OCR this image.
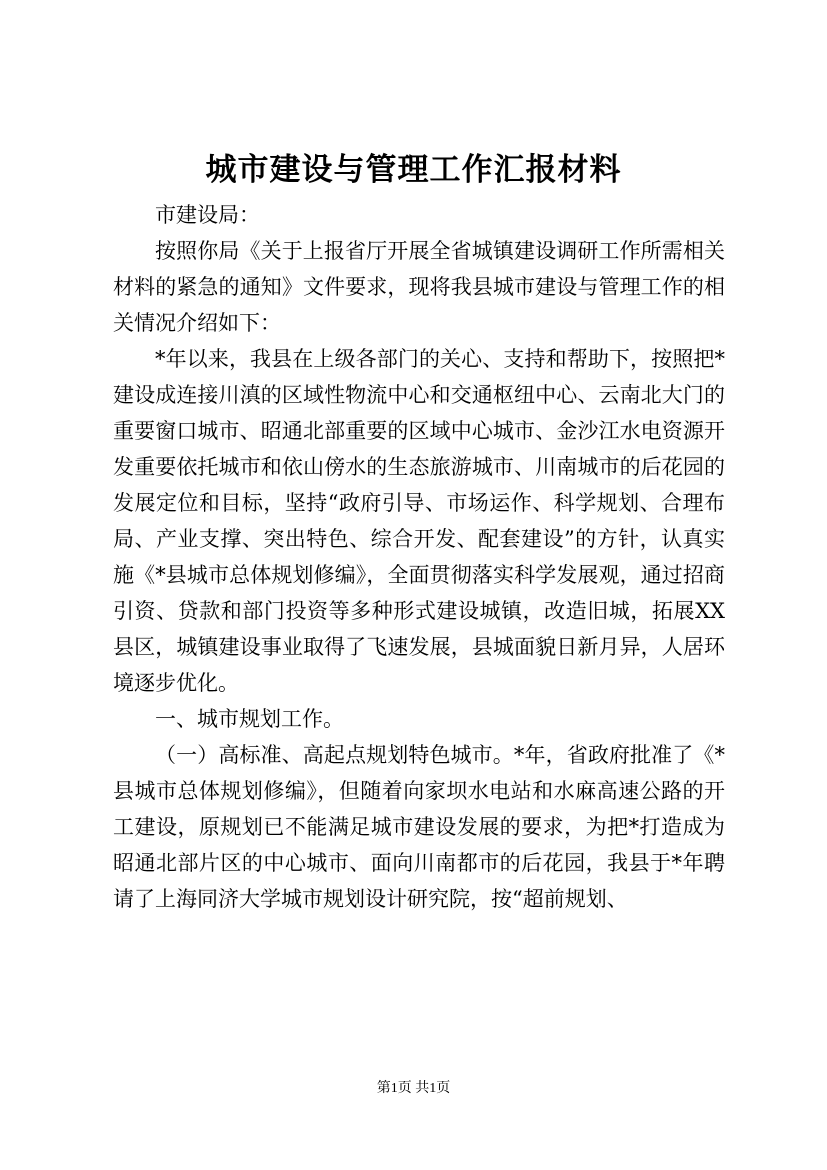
城市建设与管理工作汇报材料

市建设局：

按照你局《关于上报省厅开展全省城镇建设调研工作所需相关材料的紧急的通知》文件要求，现将我县城市建设与管理工作的相关情况介绍如下：

*年以来，我县在上级各部门的关心、支持和帮助下，按照把*建设成连接川滇的区域性物流中心和交通枢纽中心、云南北大门的重要窗口城市、昭通北部重要的区域中心城市、金沙江水电资源开发重要依托城市和依山傍水的生态旅游城市、川南城市的后花园的发展定位和目标，坚持“政府引导、市场运作、科学规划、合理布局、产业支撑、突出特色、综合开发、配套建设”的方针，认真实施《*县城市总体规划修编》，全面贯彻落实科学发展观，通过招商引资、贷款和部门投资等多种形式建设城镇，改造旧城，拓展XX县区，城镇建设事业取得了飞速发展，县城面貌日新月异，人居环境逐步优化。

一、城市规划工作。

（一）高标准、高起点规划特色城市。*年，省政府批准了《*县城市总体规划修编》，但随着向家坝水电站和水麻高速公路的开工建设，原规划已不能满足城市建设发展的要求，为把*打造成为昭通北部片区的中心城市、面向川南都市的后花园，我县于*年聘请了上海同济大学城市规划设计研究院，按“超前规划、

第1页 共1页
